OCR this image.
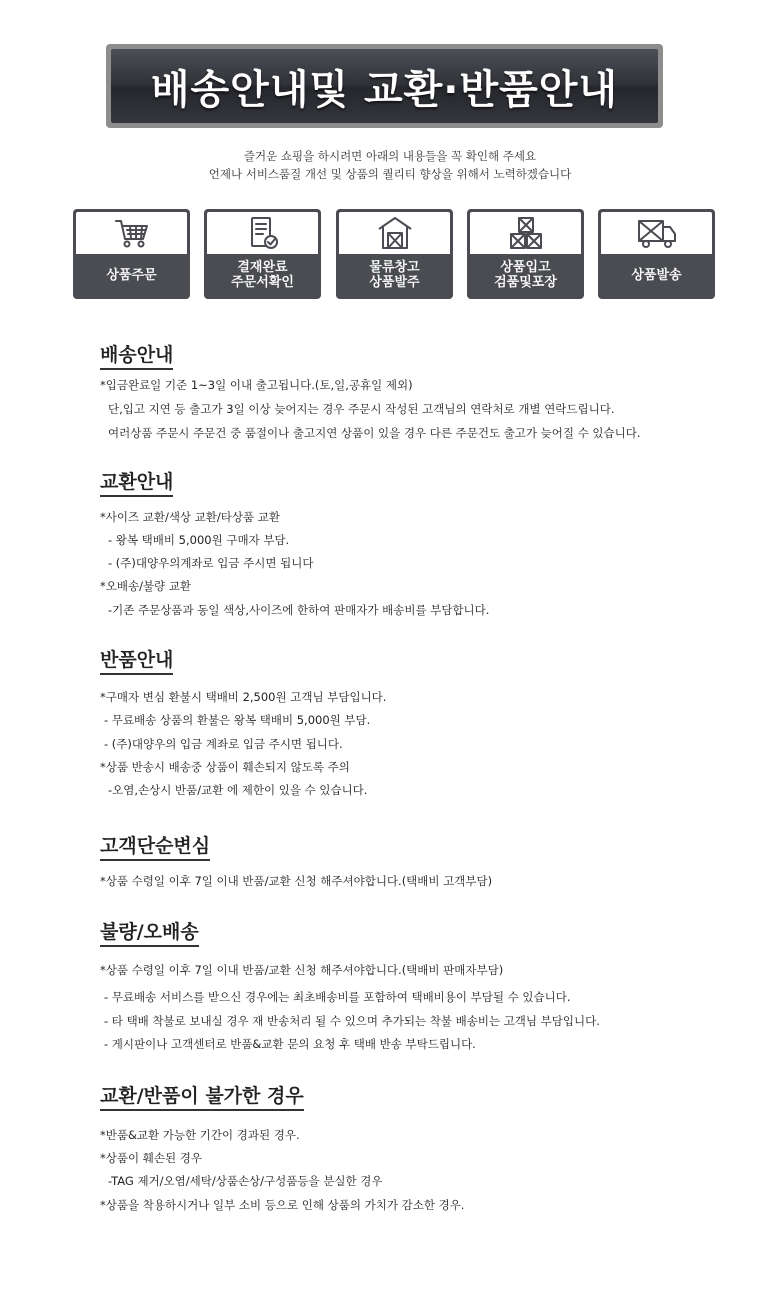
배송안내및 교환·반품안내
즐거운 쇼핑을 하시려면 아래의 내용들을 꼭 확인해 주세요
언제나 서비스품질 개선 및 상품의 퀄리티 향상을 위해서 노력하겠습니다
상품주문	결재완료
주문서확인
물류창고
상품발주
상품입고
검품및포장	상품발송
배송안내
*입금완료일 기준 1~3일 이내 출고됩니다.(토,일,공휴일 제외)
단,입고 지연 등 출고가 3일 이상 늦어지는 경우 주문시 작성된 고객님의 연락처로 개별 연락드립니다.
여러상품 주문시 주문건 중 품절이나 출고지연 상품이 있을 경우 다른 주문건도 출고가 늦어질 수 있습니다.
교환안내
*사이즈 교환/색상 교환/타상품 교환
- 왕복 택배비 5,000원 구매자 부담.
- (주)대양우의계좌로 입금 주시면 됩니다
*오배송/불량 교환
-기존 주문상품과 동일 색상,사이즈에 한하여 판매자가 배송비를 부담합니다.
반품안내
*구매자 변심 환불시 택배비 2,500원 고객님 부담입니다.
- 무료배송 상품의 환불은 왕복 택배비 5,000원 부담.
- (주)대양우의 입금 계좌로 입금 주시면 됩니다.
*상품 반송시 배송중 상품이 훼손되지 않도록 주의
-오염,손상시 반품/교환 에 제한이 있을 수 있습니다.
고객단순변심
*상품 수령일 이후 7일 이내 반품/교환 신청 해주셔야합니다.(택배비 고객부담)
불량/오배송
*상품 수령일 이후 7일 이내 반품/교환 신청 해주셔야합니다.(택배비 판매자부담)
- 무료배송 서비스를 받으신 경우에는 최초배송비를 포함하여 택배비용이 부담될 수 있습니다.
- 타 택배 착불로 보내실 경우 재 반송처리 될 수 있으며 추가되는 착불 배송비는 고객님 부담입니다.
- 게시판이나 고객센터로 반품&교환 문의 요청 후 택배 반송 부탁드립니다.
교환/반품이 불가한 경우
*반품&교환 가능한 기간이 경과된 경우.
*상품이 훼손된 경우
-TAG 제거/오염/세탁/상품손상/구성품등을 분실한 경우
*상품을 착용하시거나 일부 소비 등으로 인해 상품의 가치가 감소한 경우.
